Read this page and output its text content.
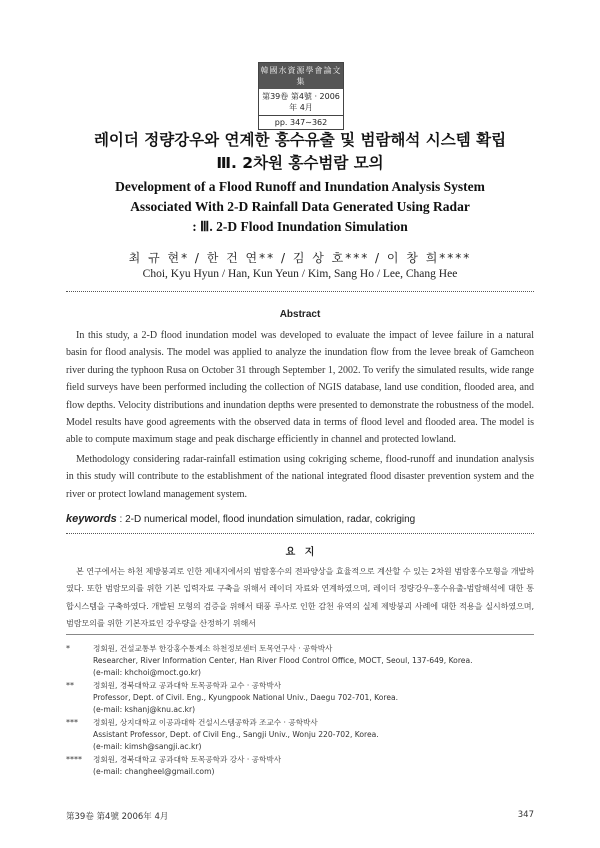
韓國水資源學會論文集
第39卷 第4號 · 2006年 4月
pp. 347∼362
레이더 정량강우와 연계한 홍수유출 및 범람해석 시스템 확립
Ⅲ. 2차원 홍수범람 모의
Development of a Flood Runoff and Inundation Analysis System
Associated With 2-D Rainfall Data Generated Using Radar
: Ⅲ. 2-D Flood Inundation Simulation
최 규 현* / 한 건 연** / 김 상 호*** / 이 창 희****
Choi, Kyu Hyun / Han, Kun Yeun / Kim, Sang Ho / Lee, Chang Hee
Abstract
In this study, a 2-D flood inundation model was developed to evaluate the impact of levee failure in a natural basin for flood analysis. The model was applied to analyze the inundation flow from the levee break of Gamcheon river during the typhoon Rusa on October 31 through September 1, 2002. To verify the simulated results, wide range field surveys have been performed including the collection of NGIS database, land use condition, flooded area, and flow depths. Velocity distributions and inundation depths were presented to demonstrate the robustness of the model. Model results have good agreements with the observed data in terms of flood level and flooded area. The model is able to compute maximum stage and peak discharge efficiently in channel and protected lowland.
Methodology considering radar-rainfall estimation using cokriging scheme, flood-runoff and inundation analysis in this study will contribute to the establishment of the national integrated flood disaster prevention system and the river or protect lowland management system.
keywords : 2-D numerical model, flood inundation simulation, radar, cokriging
요 지
본 연구에서는 하천 제방붕괴로 인한 제내지에서의 범람홍수의 전파양상을 효율적으로 계산할 수 있는 2차원 범람홍수모형을 개발하였다. 또한 범람모의를 위한 기본 입력자료 구축을 위해서 레이더 자료와 연계하였으며, 레이더 정량강우-홍수유출-범람해석에 대한 통합시스템을 구축하였다. 개발된 모형의 검증을 위해서 태풍 루사로 인한 감천 유역의 실제 제방붕괴 사례에 대한 적용을 실시하였으며, 범람모의를 위한 기본자료인 강우량을 산정하기 위해서
*	정회원, 건설교통부 한강홍수통제소 하천정보센터 토목연구사 · 공학박사
Researcher, River Information Center, Han River Flood Control Office, MOCT, Seoul, 137-649, Korea.
(e-mail: khchoi@moct.go.kr)
**	정회원, 경북대학교 공과대학 토목공학과 교수 · 공학박사
Professor, Dept. of Civil. Eng., Kyungpook National Univ., Daegu 702-701, Korea.
(e-mail: kshanj@knu.ac.kr)
*** 정회원, 상지대학교 이공과대학 건설시스템공학과 조교수 · 공학박사
Assistant Professor, Dept. of Civil Eng., Sangji Univ., Wonju 220-702, Korea.
(e-mail: kimsh@sangji.ac.kr)
**** 정회원, 경북대학교 공과대학 토목공학과 강사 · 공학박사
(e-mail: changheel@gmail.com)
第39卷 第4號 2006年 4月	347
